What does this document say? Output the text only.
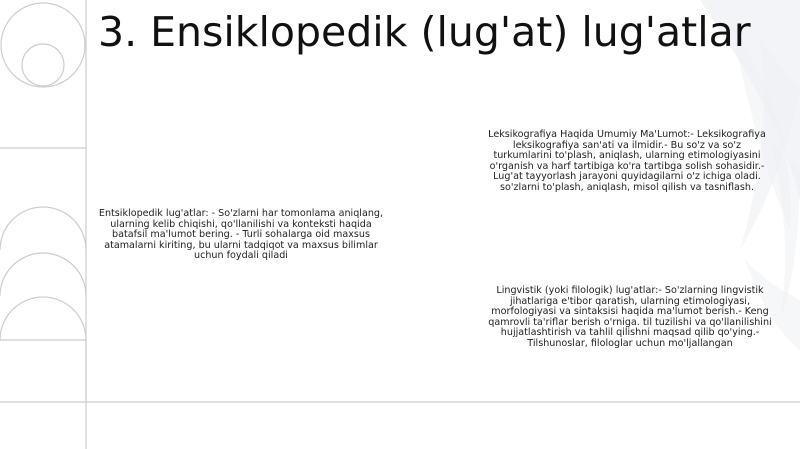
3. Ensiklopedik (lug'at) lug'atlar
Leksikografiya Haqida Umumiy Ma'Lumot:- Leksikografiya leksikografiya san'ati va ilmidir.- Bu so'z va so'z turkumlarini to'plash, aniqlash, ularning etimologiyasini o'rganish va harf tartibiga ko'ra tartibga solish sohasidir.- Lug'at tayyorlash jarayoni quyidagilarni o'z ichiga oladi. so'zlarni to'plash, aniqlash, misol qilish va tasniflash.
Entsiklopedik lug'atlar: - So'zlarni har tomonlama aniqlang, ularning kelib chiqishi, qo'llanilishi va konteksti haqida batafsil ma'lumot bering. - Turli sohalarga oid maxsus atamalarni kiriting, bu ularni tadqiqot va maxsus bilimlar uchun foydali qiladi
Lingvistik (yoki filologik) lug'atlar:- So'zlarning lingvistik jihatlariga e'tibor qaratish, ularning etimologiyasi, morfologiyasi va sintaksisi haqida ma'lumot berish.- Keng qamrovli ta'riflar berish o'rniga. til tuzilishi va qo'llanilishini hujjatlashtirish va tahlil qilishni maqsad qilib qo'ying.- Tilshunoslar, filologlar uchun mo'ljallangan
